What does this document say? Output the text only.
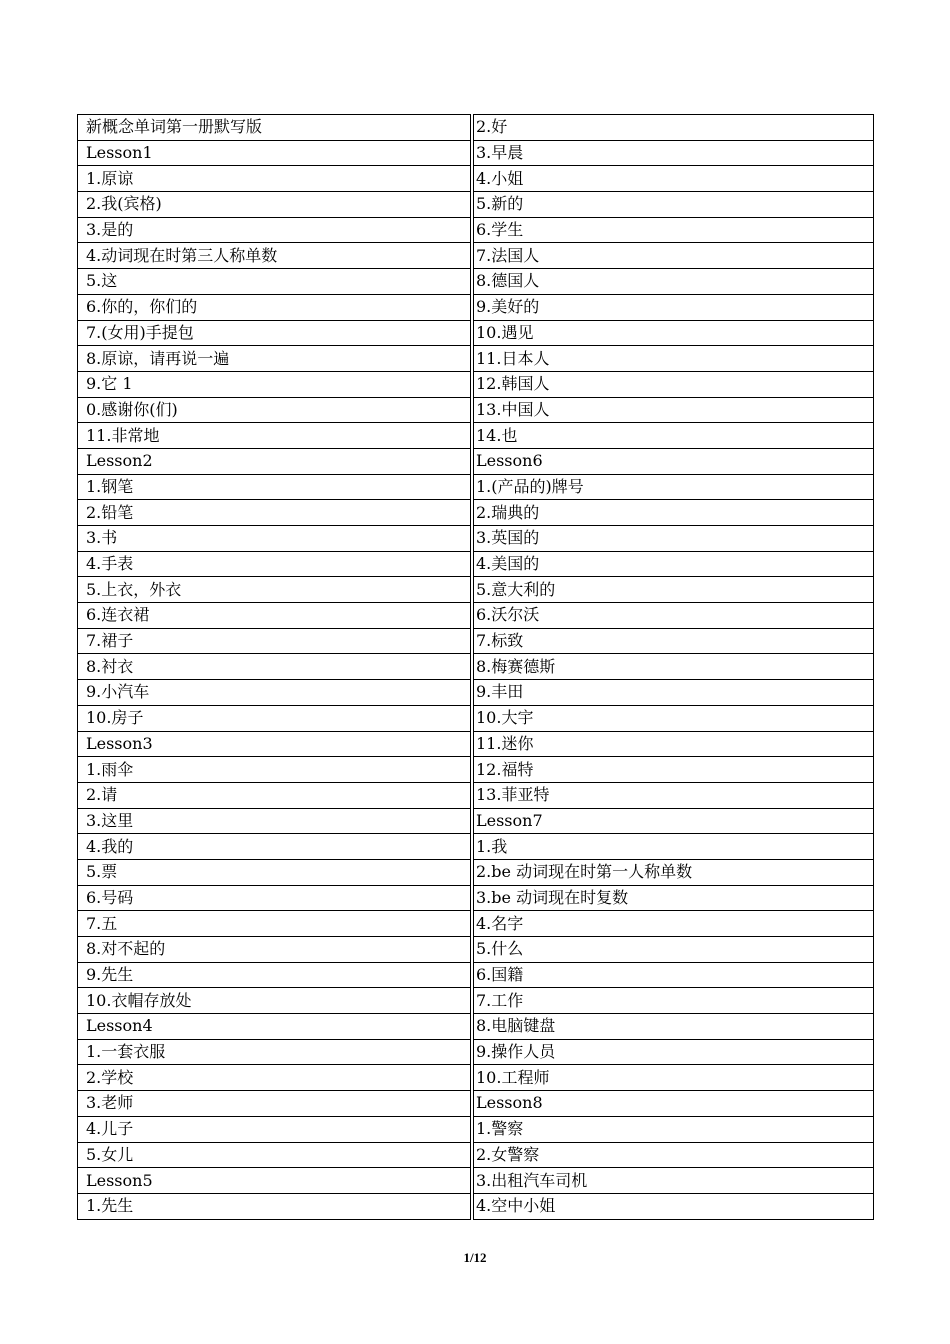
新概念单词第一册默写版	2.好
Lesson1	3.早晨
1.原谅	4.小姐
2.我(宾格)	5.新的
3.是的	6.学生
4.动词现在时第三人称单数	7.法国人
5.这	8.德国人
6.你的，你们的	9.美好的
7.(女用)手提包	10.遇见
8.原谅，请再说一遍	11.日本人
9.它 1	12.韩国人
0.感谢你(们)	13.中国人
11.非常地	14.也
Lesson2	Lesson6
1.钢笔	1.(产品的)牌号
2.铅笔	2.瑞典的
3.书	3.英国的
4.手表	4.美国的
5.上衣，外衣	5.意大利的
6.连衣裙	6.沃尔沃
7.裙子	7.标致
8.衬衣	8.梅赛德斯
9.小汽车	9.丰田
10.房子	10.大宇
Lesson3	11.迷你
1.雨伞	12.福特
2.请	13.菲亚特
3.这里	Lesson7
4.我的	1.我
5.票	2.be 动词现在时第一人称单数
6.号码	3.be 动词现在时复数
7.五	4.名字
8.对不起的	5.什么
9.先生	6.国籍
10.衣帽存放处	7.工作
Lesson4	8.电脑键盘
1.一套衣服	9.操作人员
2.学校	10.工程师
3.老师	Lesson8
4.儿子	1.警察
5.女儿	2.女警察
Lesson5	3.出租汽车司机
1.先生	4.空中小姐
1/12
